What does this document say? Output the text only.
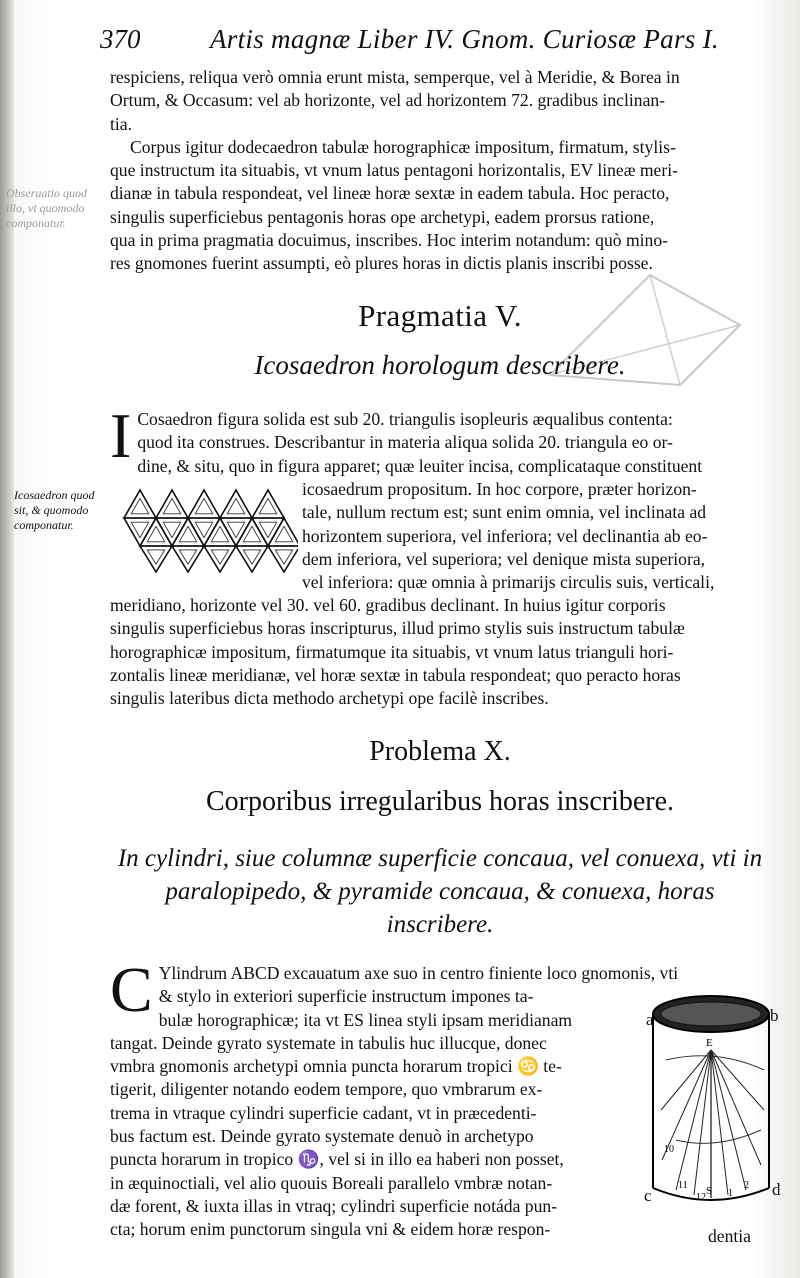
370	Artis magnæ Liber IV. Gnom. Curiosæ Pars I.

respiciens, reliqua verò omnia erunt mista, semperque, vel à Meridie, & Borea in

Ortum, & Occasum: vel ab horizonte, vel ad horizontem 72. gradibus inclinan-

tia.

Corpus igitur dodecaedron tabulæ horographicæ impositum, firmatum, stylis-

que instructum ita situabis, vt vnum latus pentagoni horizontalis, EV lineæ meri-

dianæ in tabula respondeat, vel lineæ horæ sextæ in eadem tabula. Hoc peracto,

singulis superficiebus pentagonis horas ope archetypi, eadem prorsus ratione,

qua in prima pragmatia docuimus, inscribes. Hoc interim notandum: quò mino-

res gnomones fuerint assumpti, eò plures horas in dictis planis inscribi posse.

Obseruatio quod
illo, vt quomodo
componatur.
Pragmatia V.
Icosaedron horologum describere.
I Cosaedron figura solida est sub 20. triangulis isopleuris æqualibus contenta:

quod ita construes. Describantur in materia aliqua solida 20. triangula eo or-

dine, & situ, quo in figura apparet; quæ leuiter incisa, complicataque constituent

Icosaedron quod
sit, & quomodo
componatur.

icosaedrum propositum. In hoc corpore, præter horizon-

tale, nullum rectum est; sunt enim omnia, vel inclinata ad

horizontem superiora, vel inferiora; vel declinantia ab eo-

dem inferiora, vel superiora; vel denique mista superiora,

vel inferiora: quæ omnia à primarijs circulis suis, verticali,

meridiano, horizonte vel 30. vel 60. gradibus declinant. In huius igitur corporis

singulis superficiebus horas inscripturus, illud primo stylis suis instructum tabulæ

horographicæ impositum, firmatumque ita situabis, vt vnum latus trianguli hori-

zontalis lineæ meridianæ, vel horæ sextæ in tabula respondeat; quo peracto horas

singulis lateribus dicta methodo archetypi ope facilè inscribes.

Problema X.
Corporibus irregularibus horas inscribere.
In cylindri, siue columnæ superficie concaua, vel conuexa, vti in
paralopipedo, & pyramide concaua, & conuexa, horas
inscribere.
C Ylindrum ABCD excauatum axe suo in centro finiente loco gnomonis, vti

& stylo in exteriori superficie instructum impones ta-

bulæ horographicæ; ita vt ES linea styli ipsam meridianam

tangat. Deinde gyrato systemate in tabulis huc illucque, donec

vmbra gnomonis archetypi omnia puncta horarum tropici ♋ te-

tigerit, diligenter notando eodem tempore, quo vmbrarum ex-

trema in vtraque cylindri superficie cadant, vt in præcedenti-

bus factum est. Deinde gyrato systemate denuò in archetypo

puncta horarum in tropico ♑, vel si in illo ea haberi non posset,

in æquinoctiali, vel alio quouis Boreali parallelo vmbræ notan-

dæ forent, & iuxta illas in vtraq; cylindri superficie notáda pun-

cta; horum enim punctorum singula vni & eidem horæ respon-

E
S
10
11
12 1
2
a	b
c	d
dentia
